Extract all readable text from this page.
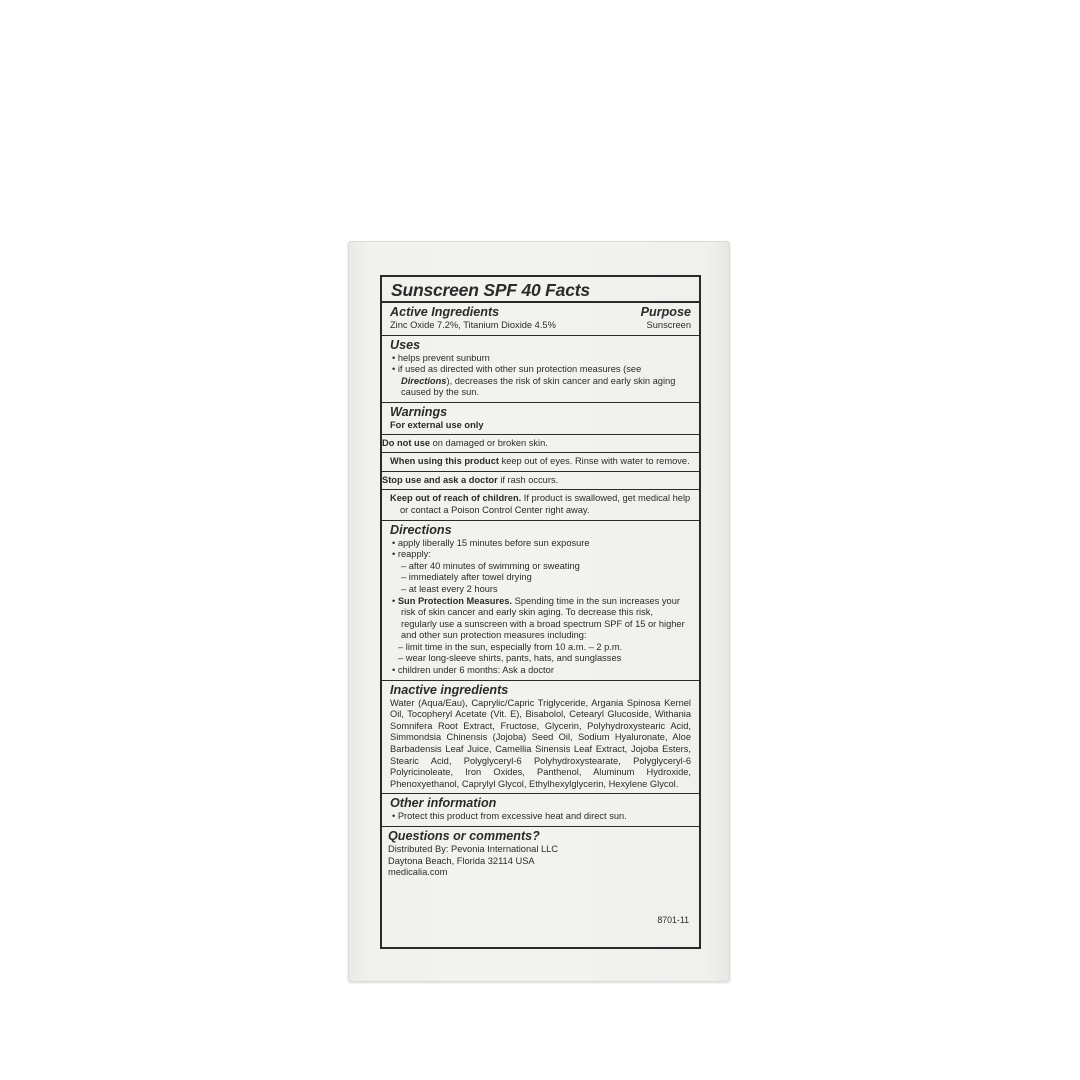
Sunscreen SPF 40 Facts
Active Ingredients	Purpose
Zinc Oxide 7.2%, Titanium Dioxide 4.5%	Sunscreen
Uses
• helps prevent sunburn
• if used as directed with other sun protection measures (see Directions), decreases the risk of skin cancer and early skin aging caused by the sun.
Warnings
For external use only
Do not use on damaged or broken skin.
When using this product keep out of eyes. Rinse with water to remove.
Stop use and ask a doctor if rash occurs.
Keep out of reach of children. If product is swallowed, get medical help or contact a Poison Control Center right away.
Directions
• apply liberally 15 minutes before sun exposure
• reapply:
– after 40 minutes of swimming or sweating
– immediately after towel drying
– at least every 2 hours
• Sun Protection Measures. Spending time in the sun increases your risk of skin cancer and early skin aging. To decrease this risk, regularly use a sunscreen with a broad spectrum SPF of 15 or higher and other sun protection measures including:
– limit time in the sun, especially from 10 a.m. – 2 p.m.
– wear long-sleeve shirts, pants, hats, and sunglasses
• children under 6 months: Ask a doctor
Inactive ingredients
Water (Aqua/Eau), Caprylic/Capric Triglyceride, Argania Spinosa Kernel Oil, Tocopheryl Acetate (Vit. E), Bisabolol, Cetearyl Glucoside, Withania Somnifera Root Extract, Fructose, Glycerin, Polyhydroxystearic Acid, Simmondsia Chinensis (Jojoba) Seed Oil, Sodium Hyaluronate, Aloe Barbadensis Leaf Juice, Camellia Sinensis Leaf Extract, Jojoba Esters, Stearic Acid, Polyglyceryl-6 Polyhydroxystearate, Polyglyceryl-6 Polyricinoleate, Iron Oxides, Panthenol, Aluminum Hydroxide, Phenoxyethanol, Caprylyl Glycol, Ethylhexylglycerin, Hexylene Glycol.
Other information
• Protect this product from excessive heat and direct sun.
Questions or comments?
Distributed By: Pevonia International LLC
Daytona Beach, Florida 32114 USA
medicalia.com
8701-11
